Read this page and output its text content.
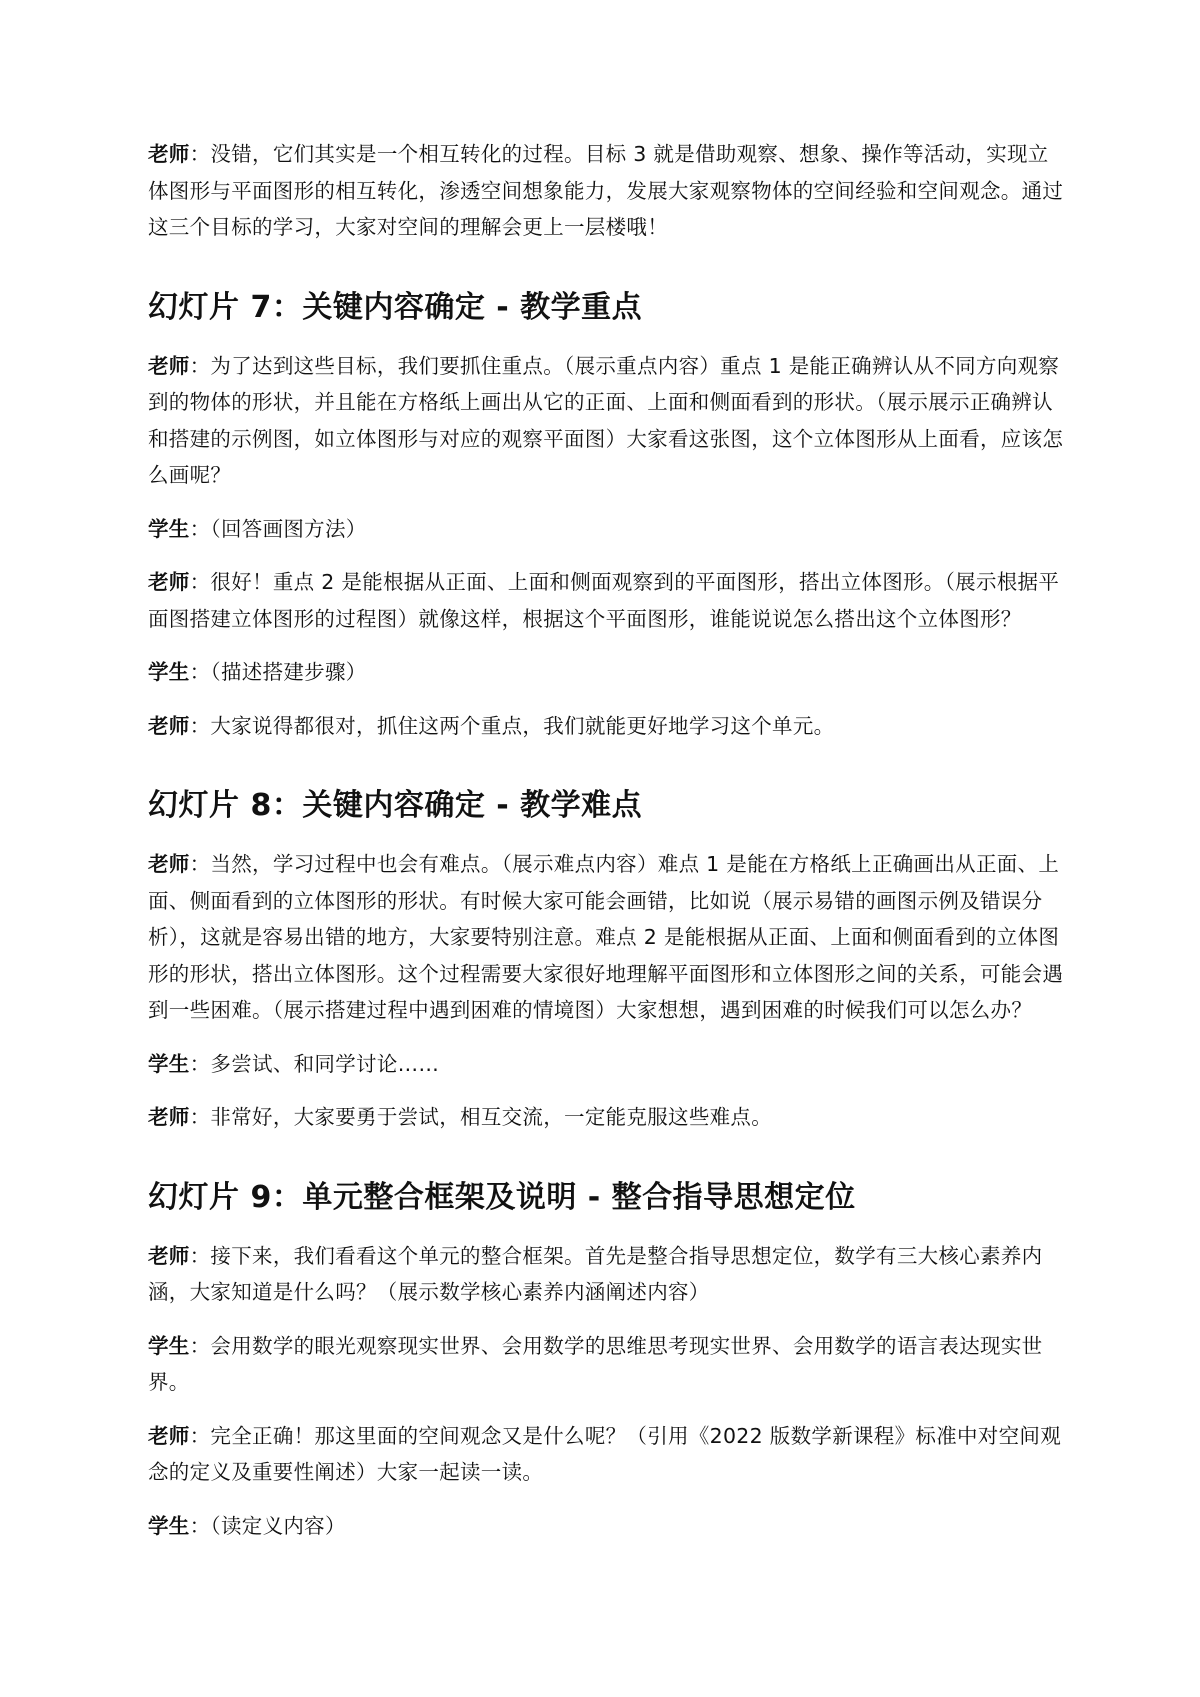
老师：没错，它们其实是一个相互转化的过程。目标 3 就是借助观察、想象、操作等活动，实现立体图形与平面图形的相互转化，渗透空间想象能力，发展大家观察物体的空间经验和空间观念。通过这三个目标的学习，大家对空间的理解会更上一层楼哦！

幻灯片 7：关键内容确定 - 教学重点

老师：为了达到这些目标，我们要抓住重点。（展示重点内容）重点 1 是能正确辨认从不同方向观察到的物体的形状，并且能在方格纸上画出从它的正面、上面和侧面看到的形状。（展示展示正确辨认和搭建的示例图，如立体图形与对应的观察平面图）大家看这张图，这个立体图形从上面看，应该怎么画呢？

学生：（回答画图方法）

老师：很好！重点 2 是能根据从正面、上面和侧面观察到的平面图形，搭出立体图形。（展示根据平面图搭建立体图形的过程图）就像这样，根据这个平面图形，谁能说说怎么搭出这个立体图形？

学生：（描述搭建步骤）

老师：大家说得都很对，抓住这两个重点，我们就能更好地学习这个单元。

幻灯片 8：关键内容确定 - 教学难点

老师：当然，学习过程中也会有难点。（展示难点内容）难点 1 是能在方格纸上正确画出从正面、上面、侧面看到的立体图形的形状。有时候大家可能会画错，比如说（展示易错的画图示例及错误分析），这就是容易出错的地方，大家要特别注意。难点 2 是能根据从正面、上面和侧面看到的立体图形的形状，搭出立体图形。这个过程需要大家很好地理解平面图形和立体图形之间的关系，可能会遇到一些困难。（展示搭建过程中遇到困难的情境图）大家想想，遇到困难的时候我们可以怎么办？

学生：多尝试、和同学讨论……

老师：非常好，大家要勇于尝试，相互交流，一定能克服这些难点。

幻灯片 9：单元整合框架及说明 - 整合指导思想定位

老师：接下来，我们看看这个单元的整合框架。首先是整合指导思想定位，数学有三大核心素养内涵，大家知道是什么吗？（展示数学核心素养内涵阐述内容）

学生：会用数学的眼光观察现实世界、会用数学的思维思考现实世界、会用数学的语言表达现实世界。

老师：完全正确！那这里面的空间观念又是什么呢？（引用《2022 版数学新课程》标准中对空间观念的定义及重要性阐述）大家一起读一读。

学生：（读定义内容）
